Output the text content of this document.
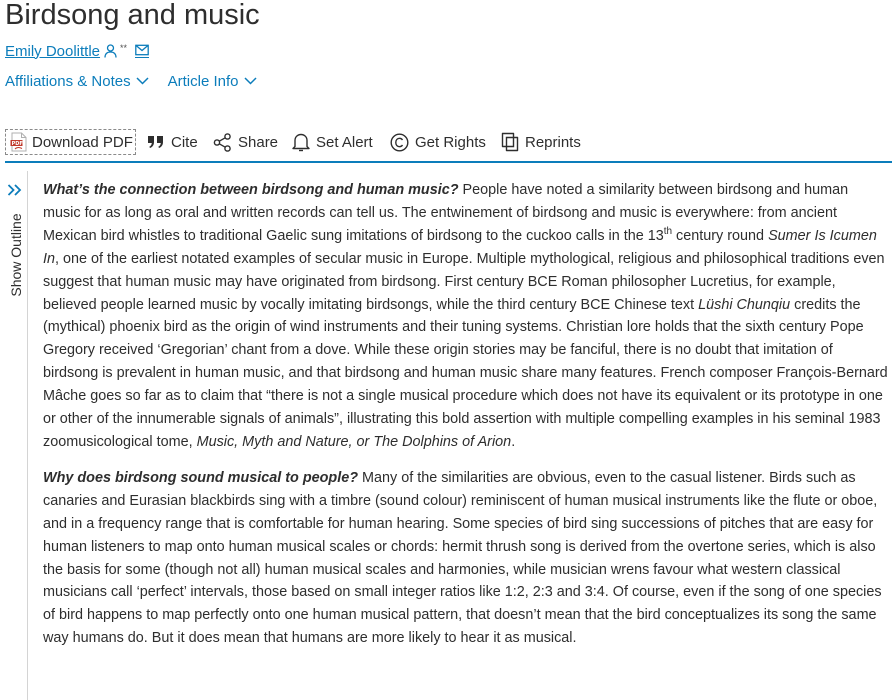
Birdsong and music
Emily Doolittle **
Affiliations & Notes Article Info
PDF Download PDF	Cite	Share	Set Alert	Get Rights	Reprints
Show Outline

What’s the connection between birdsong and human music? People have noted a similarity between birdsong and human music for as long as oral and written records can tell us. The entwinement of birdsong and music is everywhere: from ancient Mexican bird whistles to traditional Gaelic sung imitations of birdsong to the cuckoo calls in the 13th century round Sumer Is Icumen In, one of the earliest notated examples of secular music in Europe. Multiple mythological, religious and philosophical traditions even suggest that human music may have originated from birdsong. First century BCE Roman philosopher Lucretius, for example, believed people learned music by vocally imitating birdsongs, while the third century BCE Chinese text Lüshi Chunqiu credits the (mythical) phoenix bird as the origin of wind instruments and their tuning systems. Christian lore holds that the sixth century Pope Gregory received ‘Gregorian’ chant from a dove. While these origin stories may be fanciful, there is no doubt that imitation of birdsong is prevalent in human music, and that birdsong and human music share many features. French composer François-Bernard Mâche goes so far as to claim that “there is not a single musical procedure which does not have its equivalent or its prototype in one or other of the innumerable signals of animals”, illustrating this bold assertion with multiple compelling examples in his seminal 1983 zoomusicological tome, Music, Myth and Nature, or The Dolphins of Arion.

Why does birdsong sound musical to people? Many of the similarities are obvious, even to the casual listener. Birds such as canaries and Eurasian blackbirds sing with a timbre (sound colour) reminiscent of human musical instruments like the flute or oboe, and in a frequency range that is comfortable for human hearing. Some species of bird sing successions of pitches that are easy for human listeners to map onto human musical scales or chords: hermit thrush song is derived from the overtone series, which is also the basis for some (though not all) human musical scales and harmonies, while musician wrens favour what western classical musicians call ‘perfect’ intervals, those based on small integer ratios like 1:2, 2:3 and 3:4. Of course, even if the song of one species of bird happens to map perfectly onto one human musical pattern, that doesn’t mean that the bird conceptualizes its song the same way humans do. But it does mean that humans are more likely to hear it as musical.
